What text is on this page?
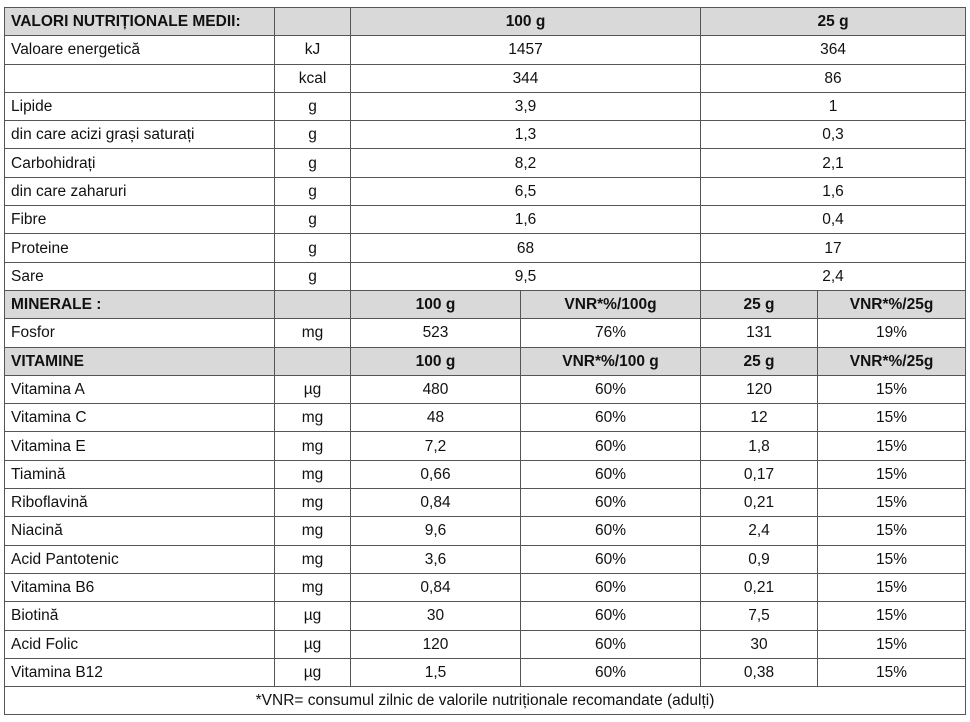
VALORI NUTRIȚIONALE MEDII:		100 g		25 g	
Valoare energetică	kJ	1457		364	
	kcal	344		86	
Lipide	g	3,9		1	
din care acizi grași saturați	g	1,3		0,3	
Carbohidrați	g	8,2		2,1	
din care zaharuri	g	6,5		1,6	
Fibre	g	1,6		0,4	
Proteine	g	68		17	
Sare	g	9,5		2,4	
MINERALE :		100 g	VNR*%/100g	25 g	VNR*%/25g
Fosfor	mg	523	76%	131	19%
VITAMINE		100 g	VNR*%/100 g	25 g	VNR*%/25g
Vitamina A	µg	480	60%	120	15%
Vitamina C	mg	48	60%	12	15%
Vitamina E	mg	7,2	60%	1,8	15%
Tiamină	mg	0,66	60%	0,17	15%
Riboflavină	mg	0,84	60%	0,21	15%
Niacină	mg	9,6	60%	2,4	15%
Acid Pantotenic	mg	3,6	60%	0,9	15%
Vitamina B6	mg	0,84	60%	0,21	15%
Biotină	µg	30	60%	7,5	15%
Acid Folic	µg	120	60%	30	15%
Vitamina B12	µg	1,5	60%	0,38	15%
*VNR= consumul zilnic de valorile nutriționale recomandate (adulți)					
